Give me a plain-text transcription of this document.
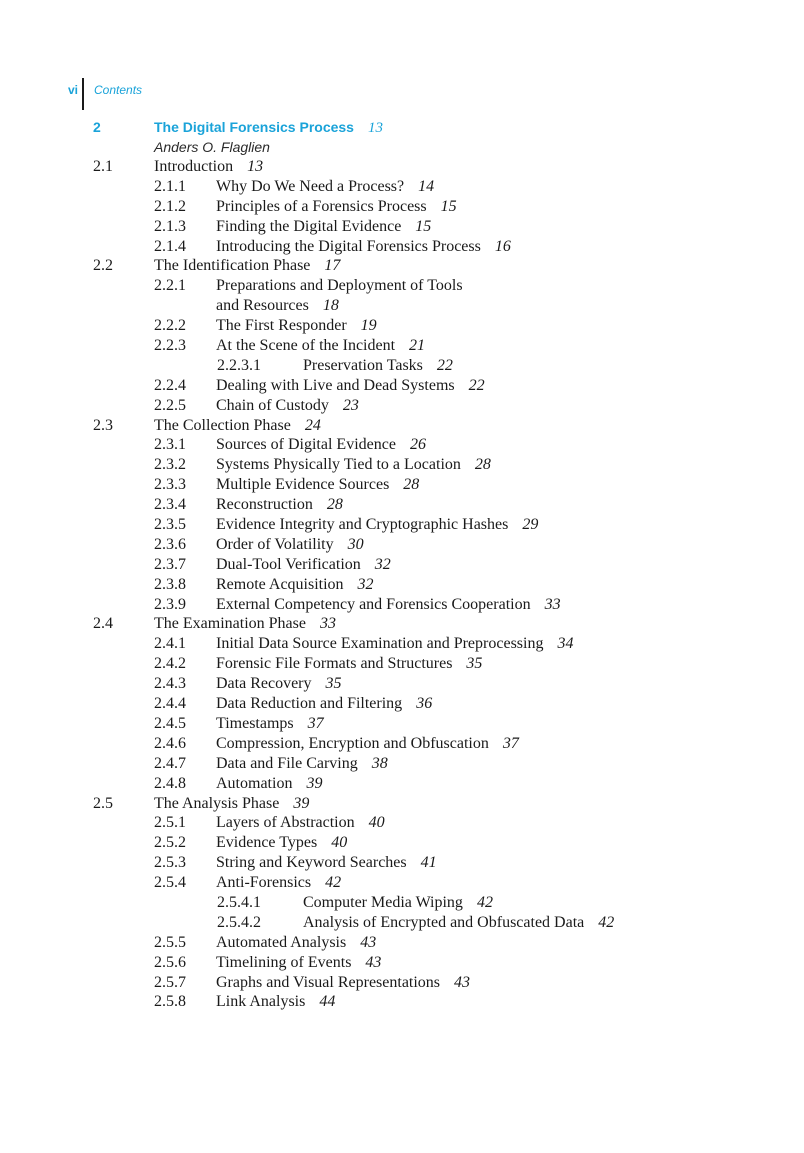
vi Contents
2	The Digital Forensics Process 13
Anders O. Flaglien
2.1	Introduction 13
2.1.1 Why Do We Need a Process? 14
2.1.2 Principles of a Forensics Process 15
2.1.3 Finding the Digital Evidence 15
2.1.4 Introducing the Digital Forensics Process 16
2.2	The Identification Phase 17
2.2.1 Preparations and Deployment of Tools
and Resources 18
2.2.2 The First Responder 19
2.2.3 At the Scene of the Incident 21
2.2.3.1	Preservation Tasks 22
2.2.4 Dealing with Live and Dead Systems 22
2.2.5 Chain of Custody 23
2.3	The Collection Phase 24
2.3.1 Sources of Digital Evidence 26
2.3.2 Systems Physically Tied to a Location 28
2.3.3 Multiple Evidence Sources 28
2.3.4 Reconstruction 28
2.3.5 Evidence Integrity and Cryptographic Hashes 29
2.3.6 Order of Volatility 30
2.3.7 Dual-Tool Verification 32
2.3.8 Remote Acquisition 32
2.3.9 External Competency and Forensics Cooperation 33
2.4	The Examination Phase 33
2.4.1 Initial Data Source Examination and Preprocessing 34
2.4.2 Forensic File Formats and Structures 35
2.4.3 Data Recovery 35
2.4.4 Data Reduction and Filtering 36
2.4.5 Timestamps 37
2.4.6 Compression, Encryption and Obfuscation 37
2.4.7 Data and File Carving 38
2.4.8 Automation 39
2.5	The Analysis Phase 39
2.5.1 Layers of Abstraction 40
2.5.2 Evidence Types 40
2.5.3 String and Keyword Searches 41
2.5.4 Anti-Forensics 42
2.5.4.1	Computer Media Wiping 42
2.5.4.2	Analysis of Encrypted and Obfuscated Data 42
2.5.5 Automated Analysis 43
2.5.6 Timelining of Events 43
2.5.7 Graphs and Visual Representations 43
2.5.8 Link Analysis 44
